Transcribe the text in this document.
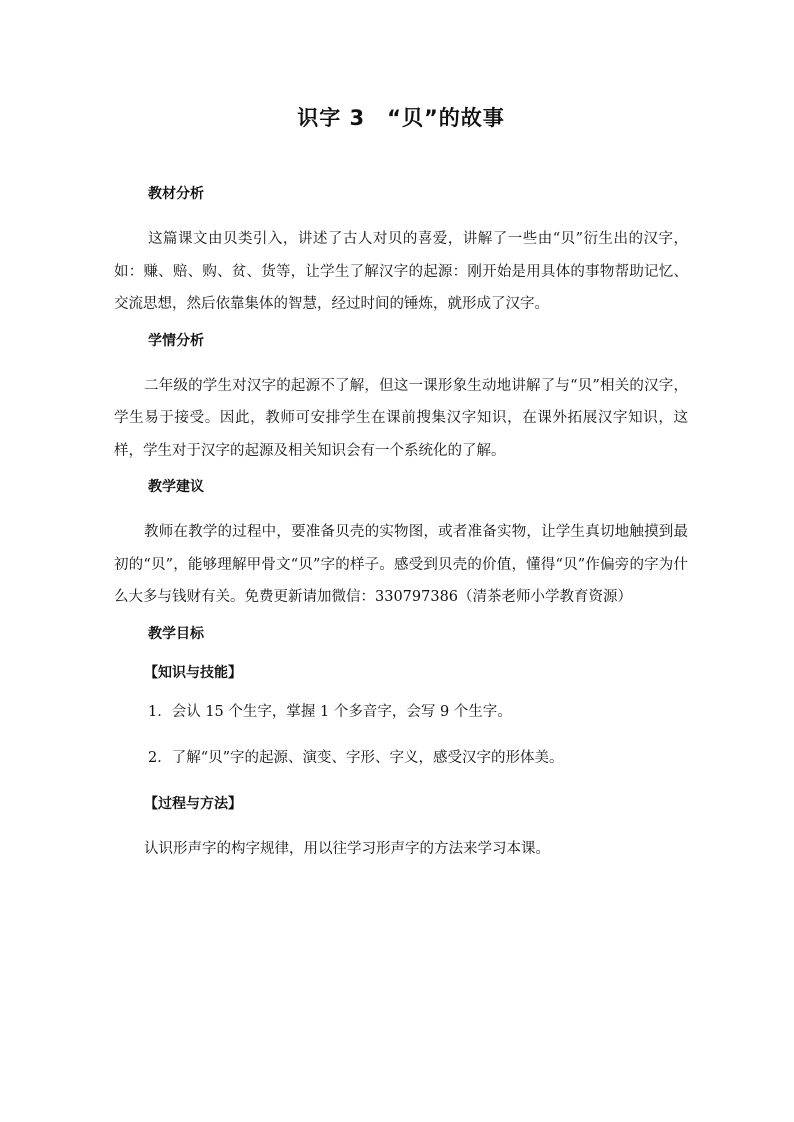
识字 3　“贝”的故事
教材分析

这篇课文由贝类引入，讲述了古人对贝的喜爱，讲解了一些由“贝”衍生出的汉字，如：赚、赔、购、贫、货等，让学生了解汉字的起源：刚开始是用具体的事物帮助记忆、交流思想，然后依靠集体的智慧，经过时间的锤炼，就形成了汉字。

学情分析

二年级的学生对汉字的起源不了解，但这一课形象生动地讲解了与“贝”相关的汉字，学生易于接受。因此，教师可安排学生在课前搜集汉字知识，在课外拓展汉字知识，这样，学生对于汉字的起源及相关知识会有一个系统化的了解。

教学建议

教师在教学的过程中，要准备贝壳的实物图，或者准备实物，让学生真切地触摸到最初的“贝”，能够理解甲骨文“贝”字的样子。感受到贝壳的价值，懂得“贝”作偏旁的字为什么大多与钱财有关。免费更新请加微信：330797386（清茶老师小学教育资源）

教学目标
【知识与技能】
1．会认 15 个生字，掌握 1 个多音字，会写 9 个生字。
2．了解“贝”字的起源、演变、字形、字义，感受汉字的形体美。
【过程与方法】

认识形声字的构字规律，用以往学习形声字的方法来学习本课。
